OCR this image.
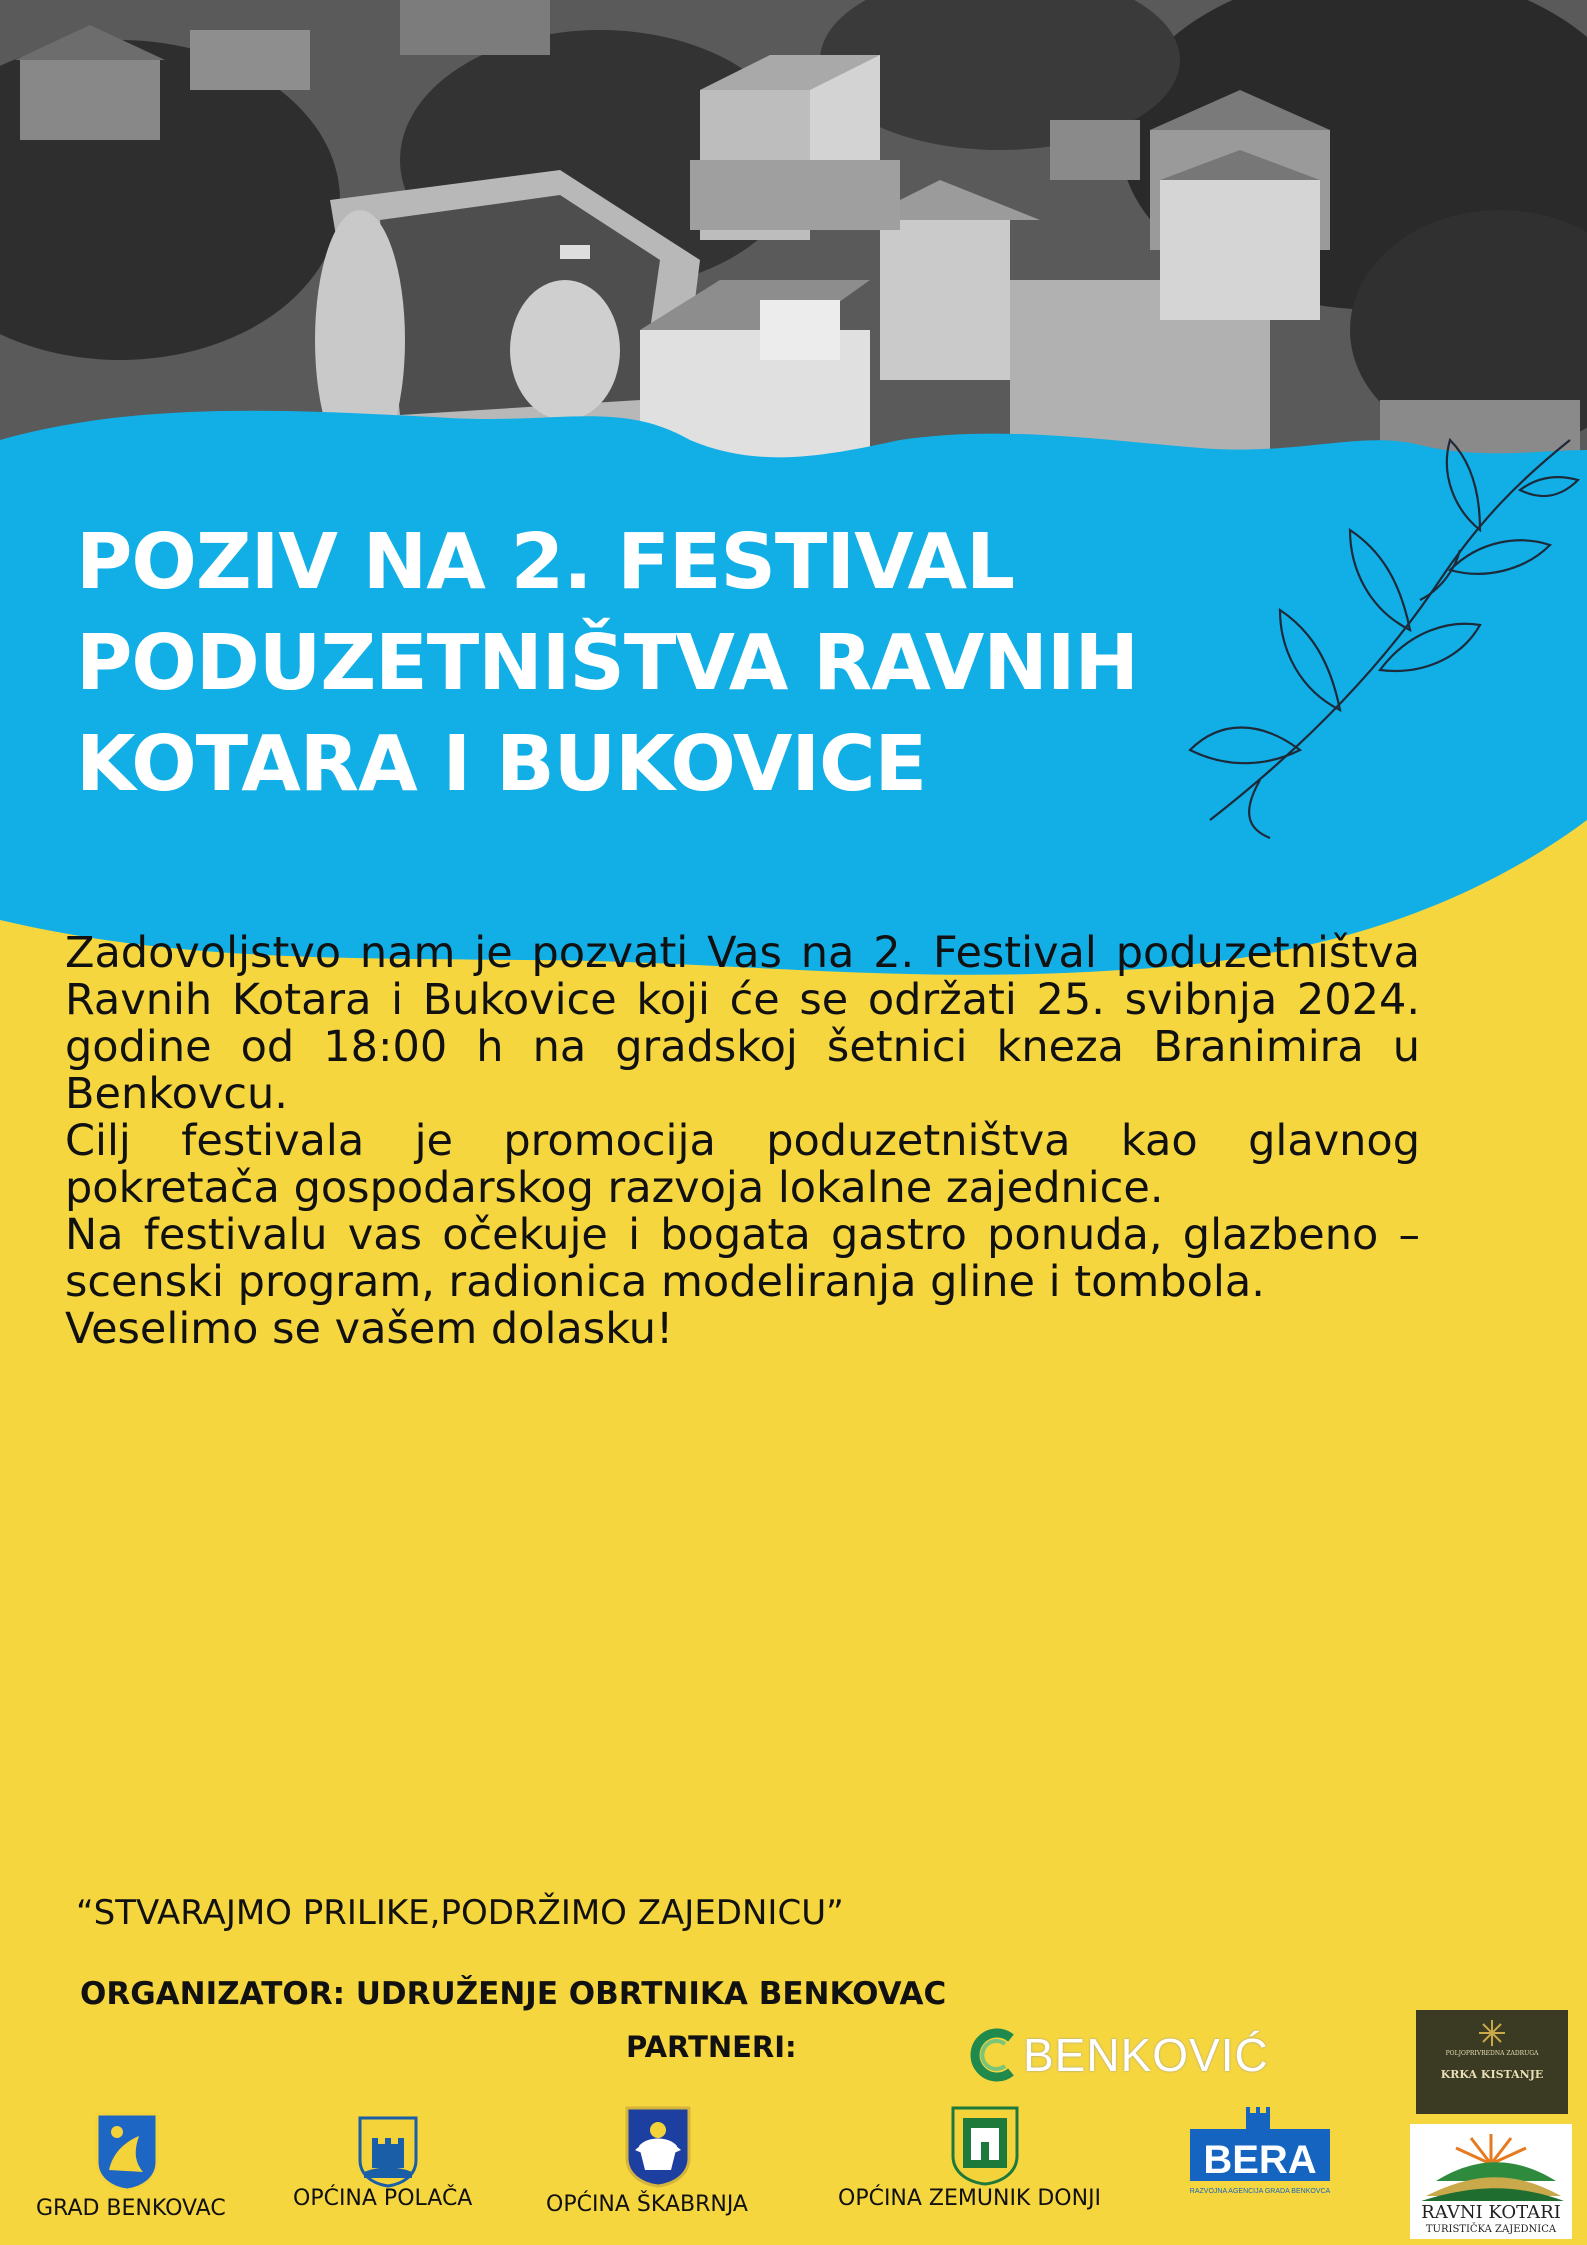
POZIV NA 2. FESTIVAL
PODUZETNIŠTVA RAVNIH
KOTARA I BUKOVICE

Zadovoljstvo nam je pozvati Vas na 2. Festival poduzetništva Ravnih Kotara i Bukovice koji će se održati 25. svibnja 2024. godine od 18:00 h na gradskoj šetnici kneza Branimira u Benkovcu.

Cilj festivala je promocija poduzetništva kao glavnog pokretača gospodarskog razvoja lokalne zajednice.

Na festivalu vas očekuje i bogata gastro ponuda, glazbeno – scenski program, radionica modeliranja gline i tombola.

Veselimo se vašem dolasku!

“STVARAJMO PRILIKE,PODRŽIMO ZAJEDNICU”
ORGANIZATOR: UDRUŽENJE OBRTNIKA BENKOVAC
PARTNERI:	BENKOVIĆ	POLJOPRIVREDNA ZADRUGA
KRKA KISTANJE
RAVNI KOTARI
TURISTIČKA ZAJEDNICA
BERA
RAZVOJNA AGENCIJA GRADA BENKOVCA
GRAD BENKOVAC	OPĆINA POLAČA	OPĆINA ŠKABRNJA	OPĆINA ZEMUNIK DONJI
